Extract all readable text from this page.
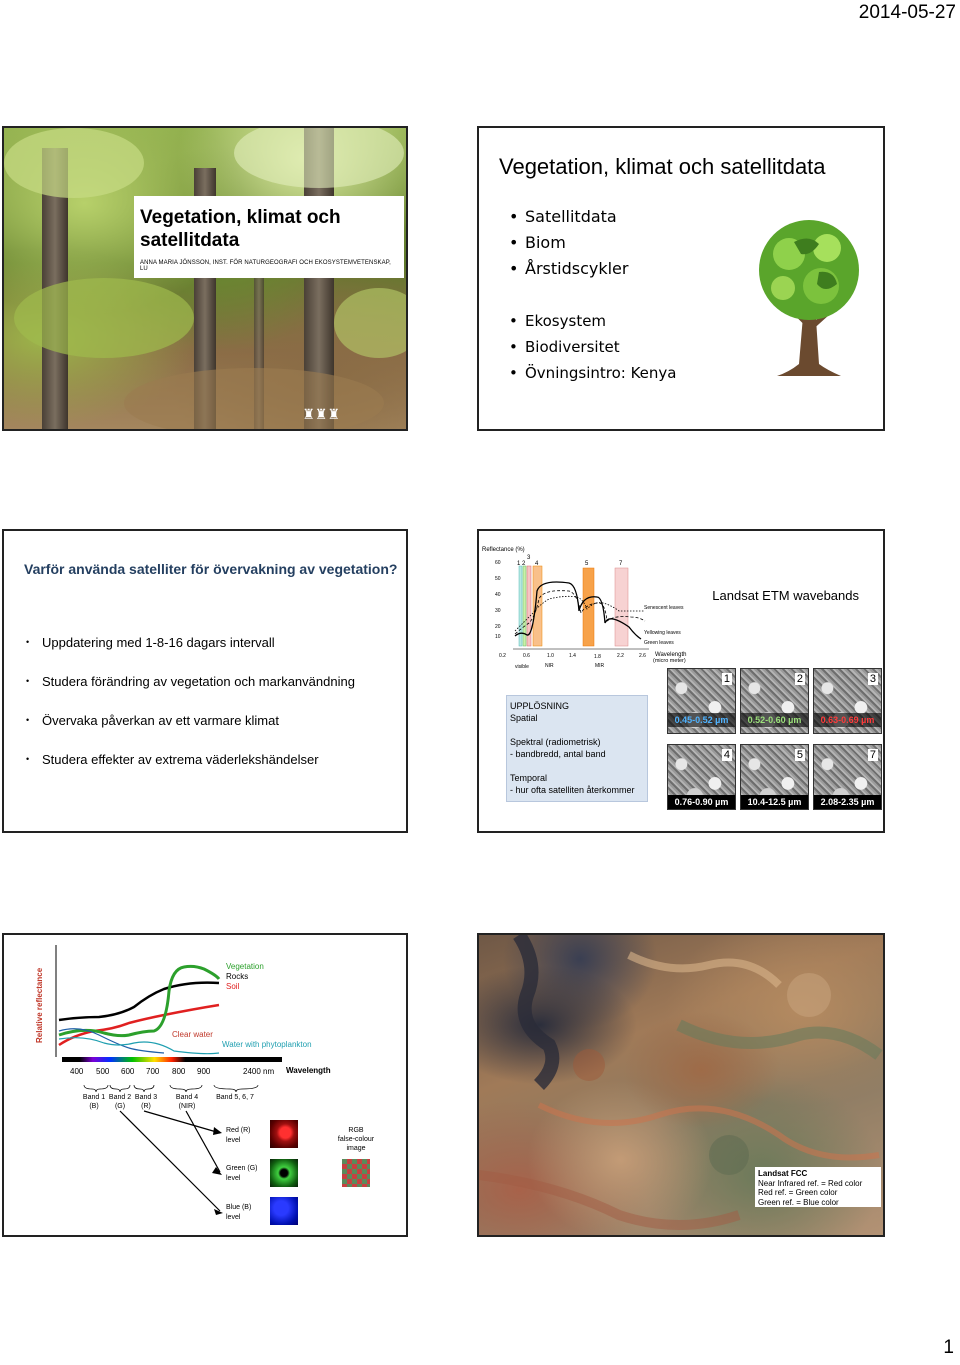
2014-05-27
Vegetation, klimat och satellitdata
ANNA MARIA JÖNSSON, INST. FÖR NATURGEOGRAFI OCH EKOSYSTEMVETENSKAP, LU
♜♜♜
Vegetation, klimat och satellitdata
• Satellitdata
• Biom
• Årstidscykler
• Ekosystem
• Biodiversitet
• Övningsintro: Kenya
Varför använda satelliter för övervakning av vegetation?
• Uppdatering med 1-8-16 dagars intervall
• Studera förändring av vegetation och markanvändning
• Övervaka påverkan av ett varmare klimat
• Studera effekter av extrema väderlekshändelser
Reflectance (%)
60
50
40
30
20
10
1 2
3
4	5	7
Senescent leaves
Yellowing leaves
Green leaves
0.2	0.6	1.0	1.4	1.8	2.2	2.6
visible	NIR	MIR
Wavelength
(micro meter)
Landsat ETM wavebands

UPPLÖSNING

Spatial

Spektral (radiometrisk)

- bandbredd, antal band

Temporal

- hur ofta satelliten återkommer

1
0.45-0.52 µm
2
0.52-0.60 µm
3
0.63-0.69 µm
4
0.76-0.90 µm
5
10.4-12.5 µm
7
2.08-2.35 µm
Relative reflectance
Vegetation
Rocks
Soil
Clear water
Water with phytoplankton
400 500 600 700 800 900	2400 nm Wavelength
Band 1
(B)
Band 2
(G)
Band 3
(R)
Band 4
(NIR)
Band 5, 6, 7
Red (R)
level
Green (G)
level
Blue (B)
level
RGB
false-colour
image
Landsat FCC
Near Infrared ref. = Red color
Red ref. = Green color
Green ref. = Blue color
1
